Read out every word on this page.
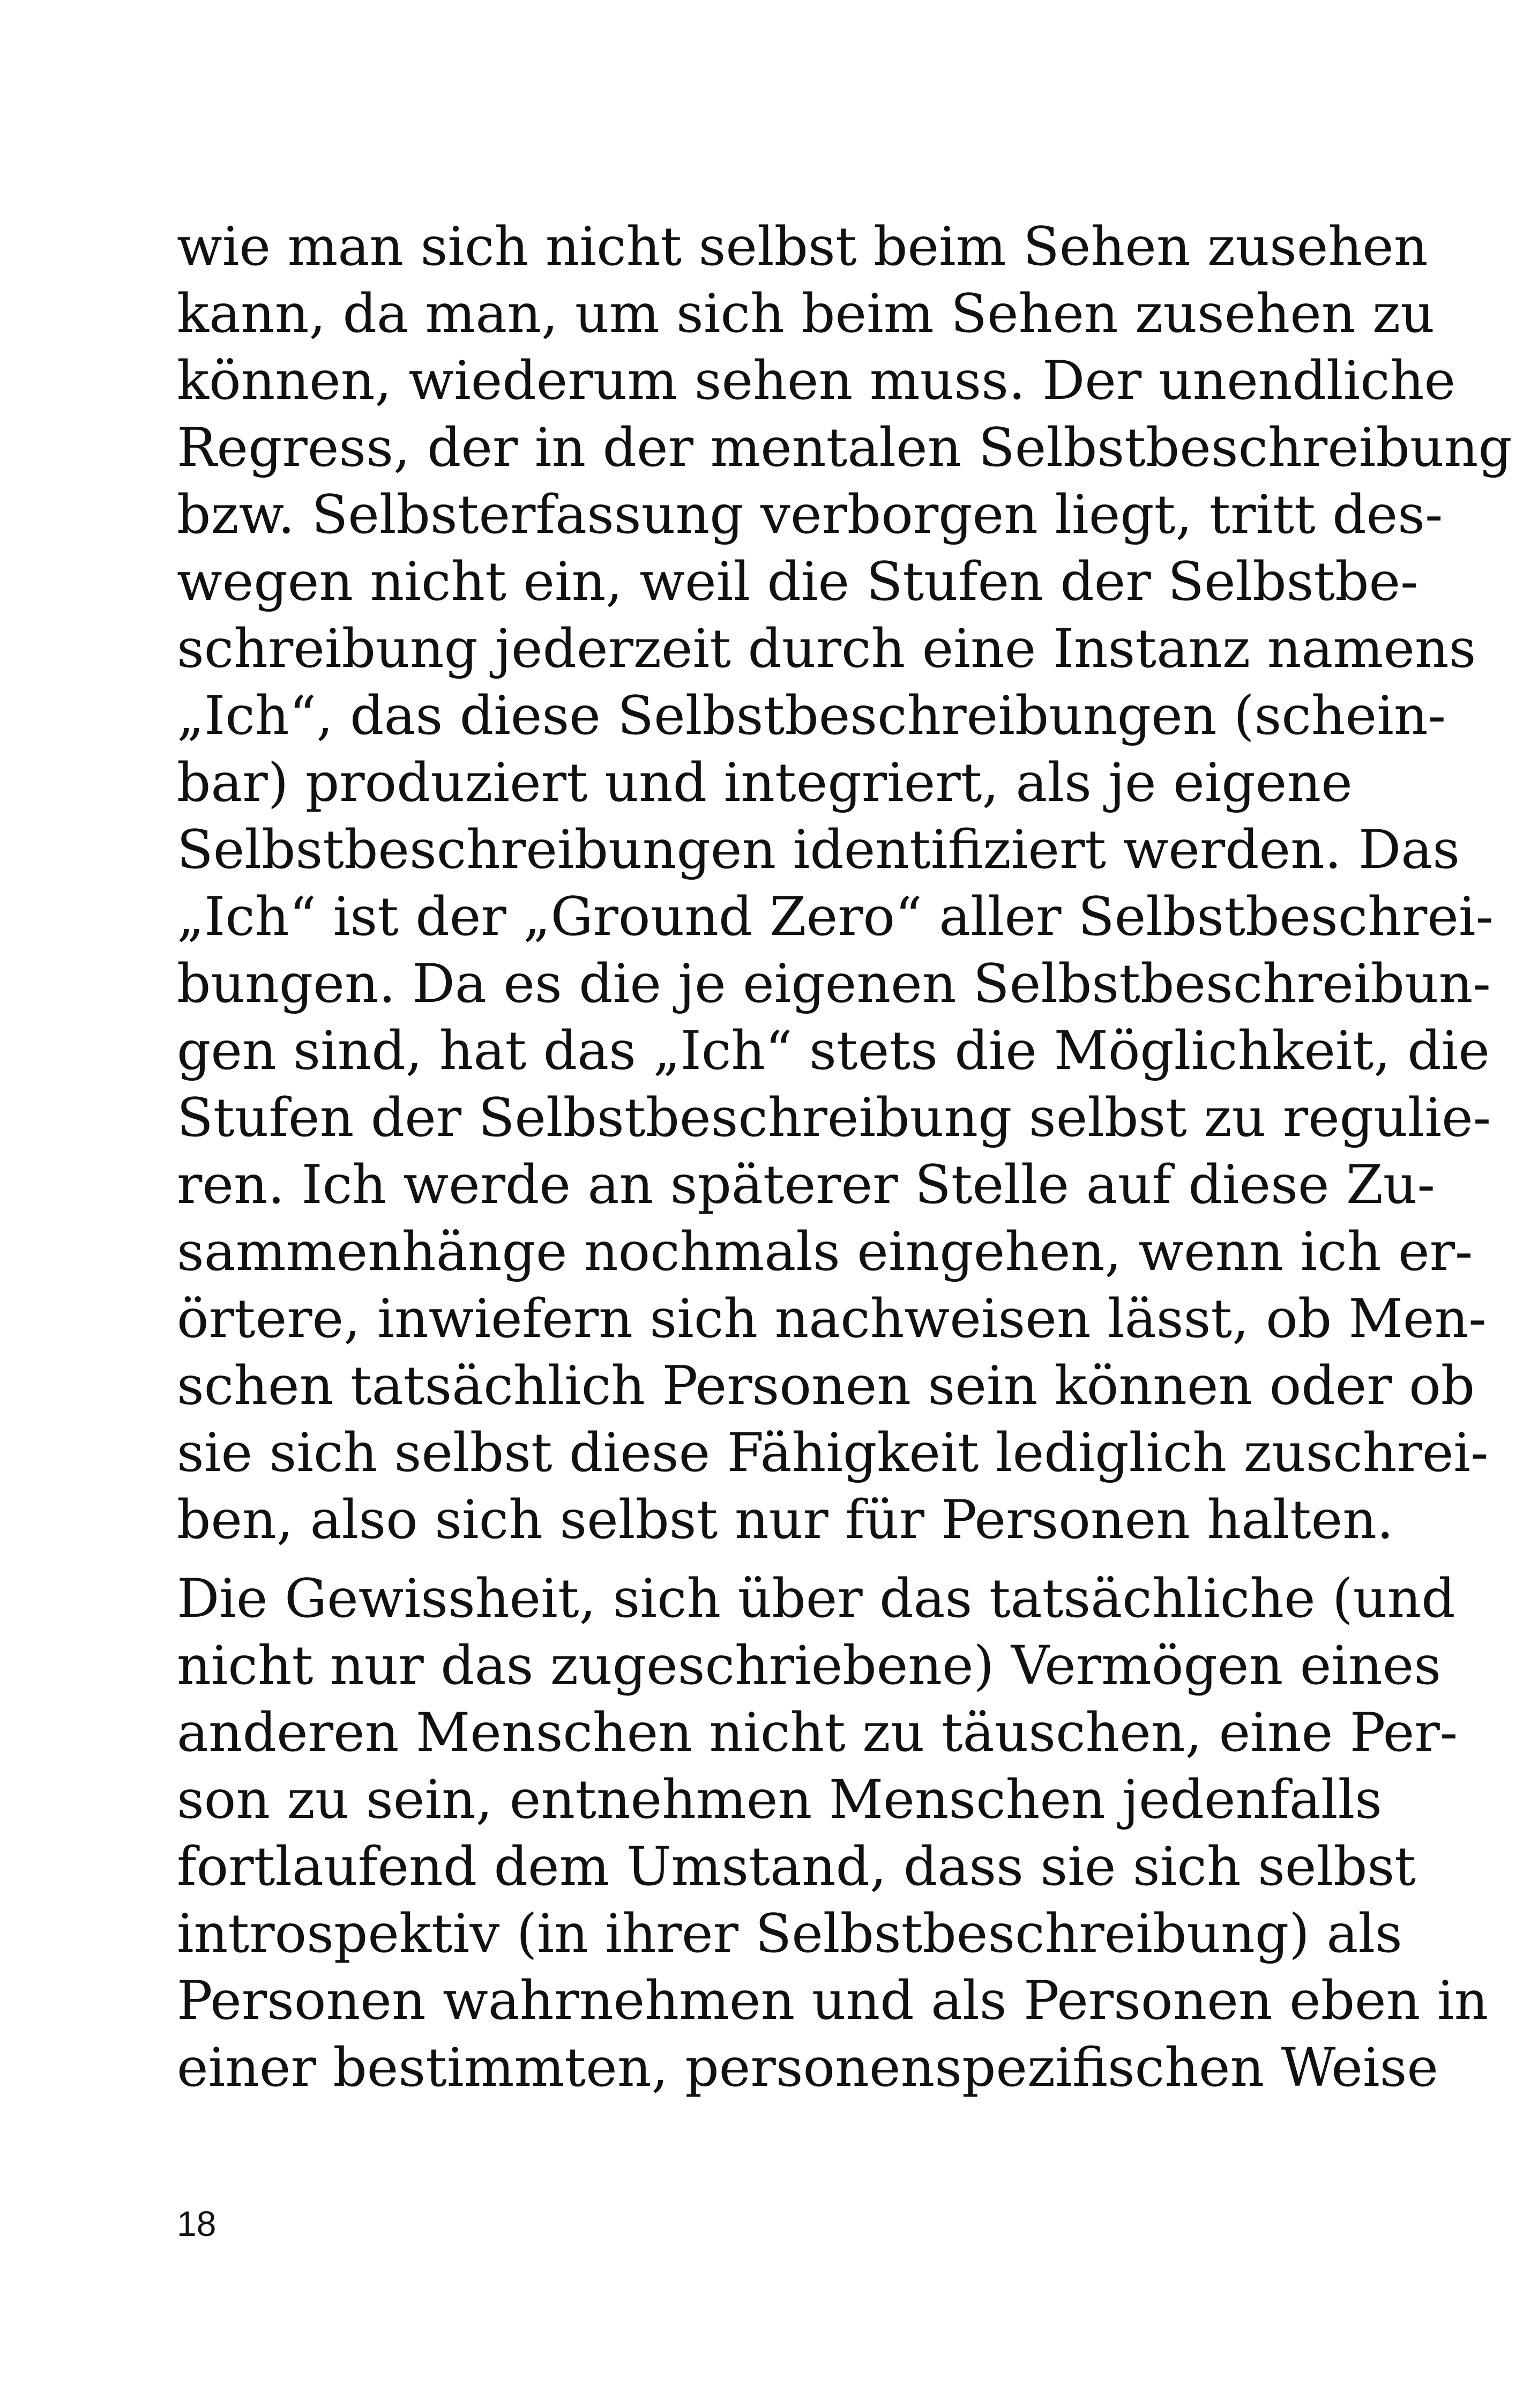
wie man sich nicht selbst beim Sehen zusehen
kann, da man, um sich beim Sehen zusehen zu
können, wiederum sehen muss. Der unendliche
Regress, der in der mentalen Selbstbeschreibung
bzw. Selbsterfassung verborgen liegt, tritt des-
wegen nicht ein, weil die Stufen der Selbstbe-
schreibung jederzeit durch eine Instanz namens
„Ich“, das diese Selbstbeschreibungen (schein-
bar) produziert und integriert, als je eigene
Selbstbeschreibungen identifiziert werden. Das
„Ich“ ist der „Ground Zero“ aller Selbstbeschrei-
bungen. Da es die je eigenen Selbstbeschreibun-
gen sind, hat das „Ich“ stets die Möglichkeit, die
Stufen der Selbstbeschreibung selbst zu regulie-
ren. Ich werde an späterer Stelle auf diese Zu-
sammenhänge nochmals eingehen, wenn ich er-
örtere, inwiefern sich nachweisen lässt, ob Men-
schen tatsächlich Personen sein können oder ob
sie sich selbst diese Fähigkeit lediglich zuschrei-
ben, also sich selbst nur für Personen halten.
Die Gewissheit, sich über das tatsächliche (und
nicht nur das zugeschriebene) Vermögen eines
anderen Menschen nicht zu täuschen, eine Per-
son zu sein, entnehmen Menschen jedenfalls
fortlaufend dem Umstand, dass sie sich selbst
introspektiv (in ihrer Selbstbeschreibung) als
Personen wahrnehmen und als Personen eben in
einer bestimmten, personenspezifischen Weise
18
